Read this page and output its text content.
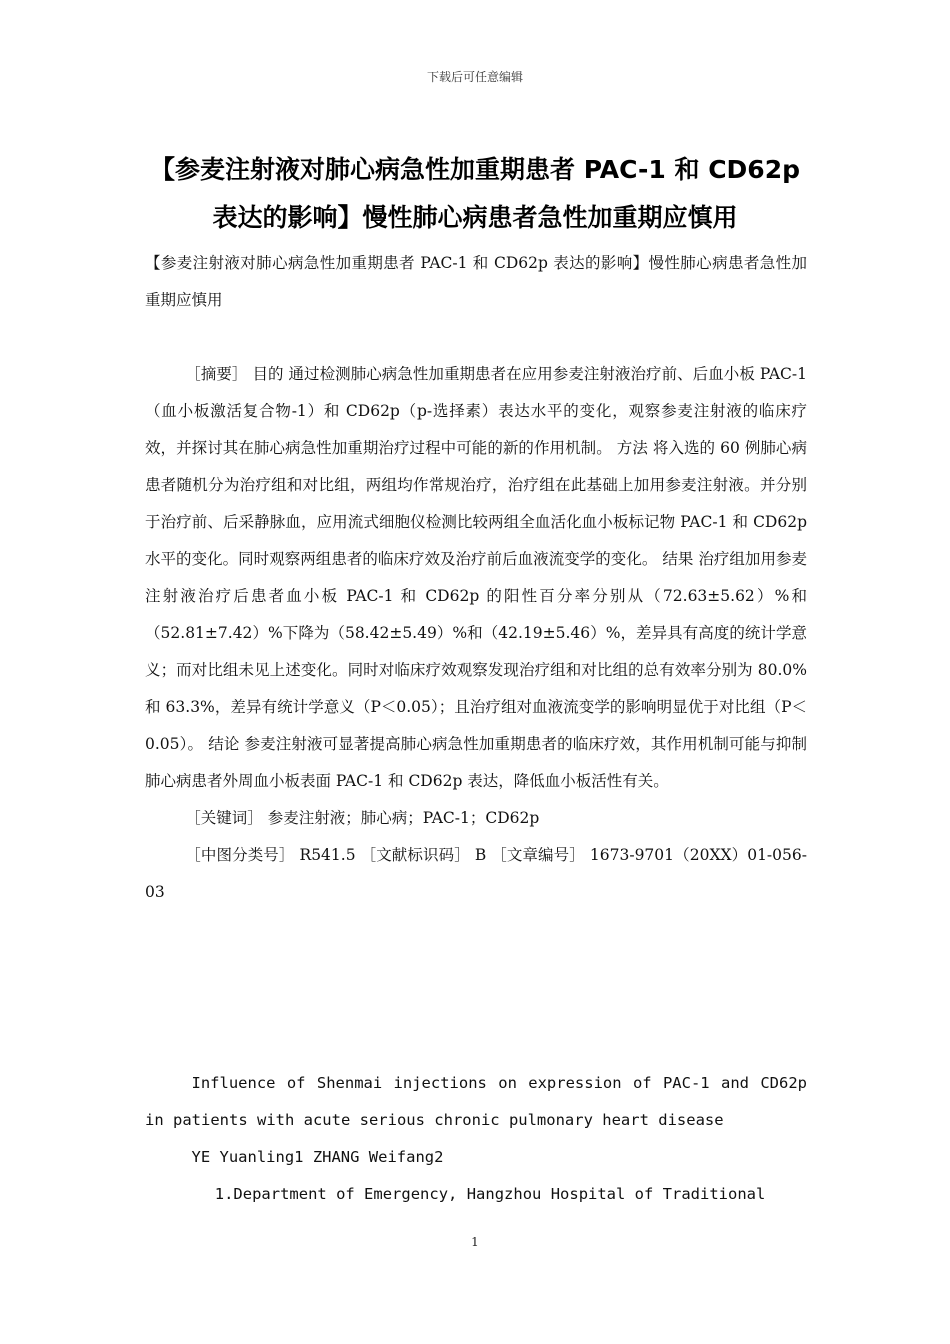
下载后可任意编辑
【参麦注射液对肺心病急性加重期患者 PAC-1 和 CD62p
表达的影响】慢性肺心病患者急性加重期应慎用
【参麦注射液对肺心病急性加重期患者 PAC-1 和 CD62p 表达的影响】慢性肺心病患者急性加重期应慎用

［摘要］ 目的 通过检测肺心病急性加重期患者在应用参麦注射液治疗前、后血小板 PAC-1（血小板激活复合物-1）和 CD62p（p-选择素）表达水平的变化，观察参麦注射液的临床疗效，并探讨其在肺心病急性加重期治疗过程中可能的新的作用机制。 方法 将入选的 60 例肺心病患者随机分为治疗组和对比组，两组均作常规治疗，治疗组在此基础上加用参麦注射液。并分别于治疗前、后采静脉血，应用流式细胞仪检测比较两组全血活化血小板标记物 PAC-1 和 CD62p 水平的变化。同时观察两组患者的临床疗效及治疗前后血液流变学的变化。 结果 治疗组加用参麦注射液治疗后患者血小板 PAC-1 和 CD62p 的阳性百分率分别从（72.63±5.62）%和（52.81±7.42）%下降为（58.42±5.49）%和（42.19±5.46）%，差异具有高度的统计学意义；而对比组未见上述变化。同时对临床疗效观察发现治疗组和对比组的总有效率分别为 80.0%和 63.3%，差异有统计学意义（P＜0.05）；且治疗组对血液流变学的影响明显优于对比组（P＜0.05）。 结论 参麦注射液可显著提高肺心病急性加重期患者的临床疗效，其作用机制可能与抑制肺心病患者外周血小板表面 PAC-1 和 CD62p 表达，降低血小板活性有关。

［关键词］ 参麦注射液；肺心病；PAC-1；CD62p

［中图分类号］ R541.5 ［文献标识码］ B ［文章编号］ 1673-9701（20XX）01-056-03

Influence of Shenmai injections on expression of PAC-1 and CD62p in patients with acute serious chronic pulmonary heart disease

YE Yuanling1 ZHANG Weifang2

1.Department of Emergency, Hangzhou Hospital of Traditional

1
